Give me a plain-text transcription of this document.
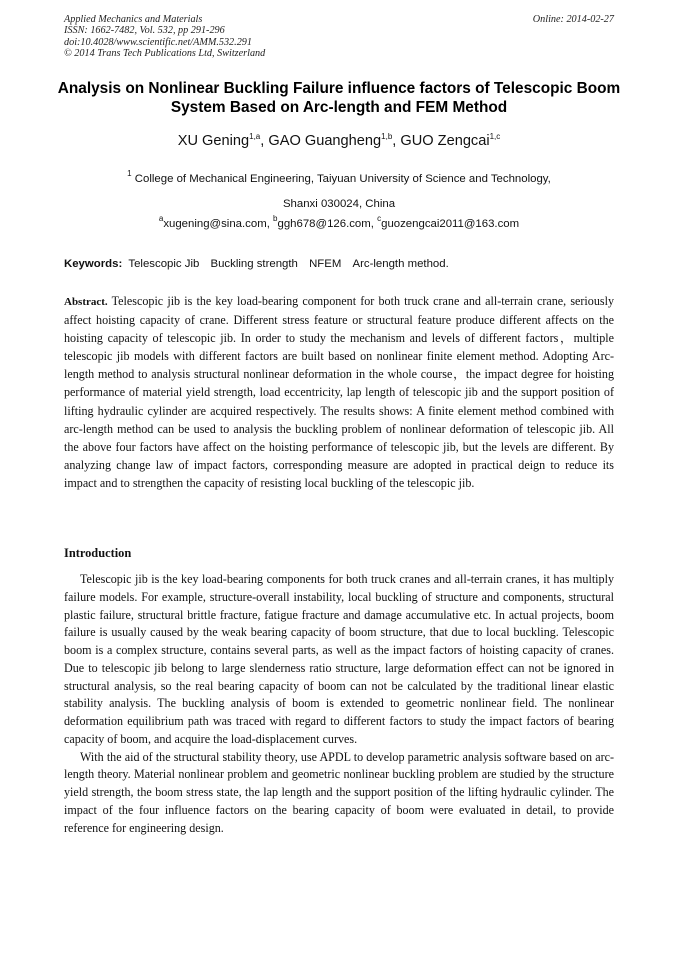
Applied Mechanics and Materials
ISSN: 1662-7482, Vol. 532, pp 291-296
doi:10.4028/www.scientific.net/AMM.532.291
© 2014 Trans Tech Publications Ltd, Switzerland
Online: 2014-02-27
Analysis on Nonlinear Buckling Failure influence factors of Telescopic Boom System Based on Arc-length and FEM Method
XU Gening$^{1,a}$, GAO Guangheng$^{1,b}$, GUO Zengcai$^{1,c}$
$^1$ College of Mechanical Engineering, Taiyuan University of Science and Technology,
Shanxi 030024, China
$^a$xugening@sina.com, $^b$ggh678@126.com, $^c$guozengcai2011@163.com
Keywords: Telescopic Jib Buckling strength NFEM Arc-length method.
Abstract. Telescopic jib is the key load-bearing component for both truck crane and all-terrain crane, seriously affect hoisting capacity of crane. Different stress feature or structural feature produce different affects on the hoisting capacity of telescopic jib. In order to study the mechanism and levels of different factors，multiple telescopic jib models with different factors are built based on nonlinear finite element method. Adopting Arc-length method to analysis structural nonlinear deformation in the whole course，the impact degree for hoisting performance of material yield strength, load eccentricity, lap length of telescopic jib and the support position of lifting hydraulic cylinder are acquired respectively. The results shows: A finite element method combined with arc-length method can be used to analysis the buckling problem of nonlinear deformation of telescopic jib. All the above four factors have affect on the hoisting performance of telescopic jib, but the levels are different. By analyzing change law of impact factors, corresponding measure are adopted in practical deign to reduce its impact and to strengthen the capacity of resisting local buckling of the telescopic jib.
Introduction

Telescopic jib is the key load-bearing components for both truck cranes and all-terrain cranes, it has multiply failure models. For example, structure-overall instability, local buckling of structure and components, structural plastic failure, structural brittle fracture, fatigue fracture and damage accumulative etc. In actual projects, boom failure is usually caused by the weak bearing capacity of boom structure, that due to local buckling. Telescopic boom is a complex structure, contains several parts, as well as the impact factors of hoisting capacity of cranes. Due to telescopic jib belong to large slenderness ratio structure, large deformation effect can not be ignored in structural analysis, so the real bearing capacity of boom can not be calculated by the traditional linear elastic stability analysis. The buckling analysis of boom is extended to geometric nonlinear field. The nonlinear deformation equilibrium path was traced with regard to different factors to study the impact factors of bearing capacity of boom, and acquire the load-displacement curves.

With the aid of the structural stability theory, use APDL to develop parametric analysis software based on arc-length theory. Material nonlinear problem and geometric nonlinear buckling problem are studied by the structure yield strength, the boom stress state, the lap length and the support position of the lifting hydraulic cylinder. The impact of the four influence factors on the bearing capacity of boom were evaluated in detail, to provide reference for engineering design.
